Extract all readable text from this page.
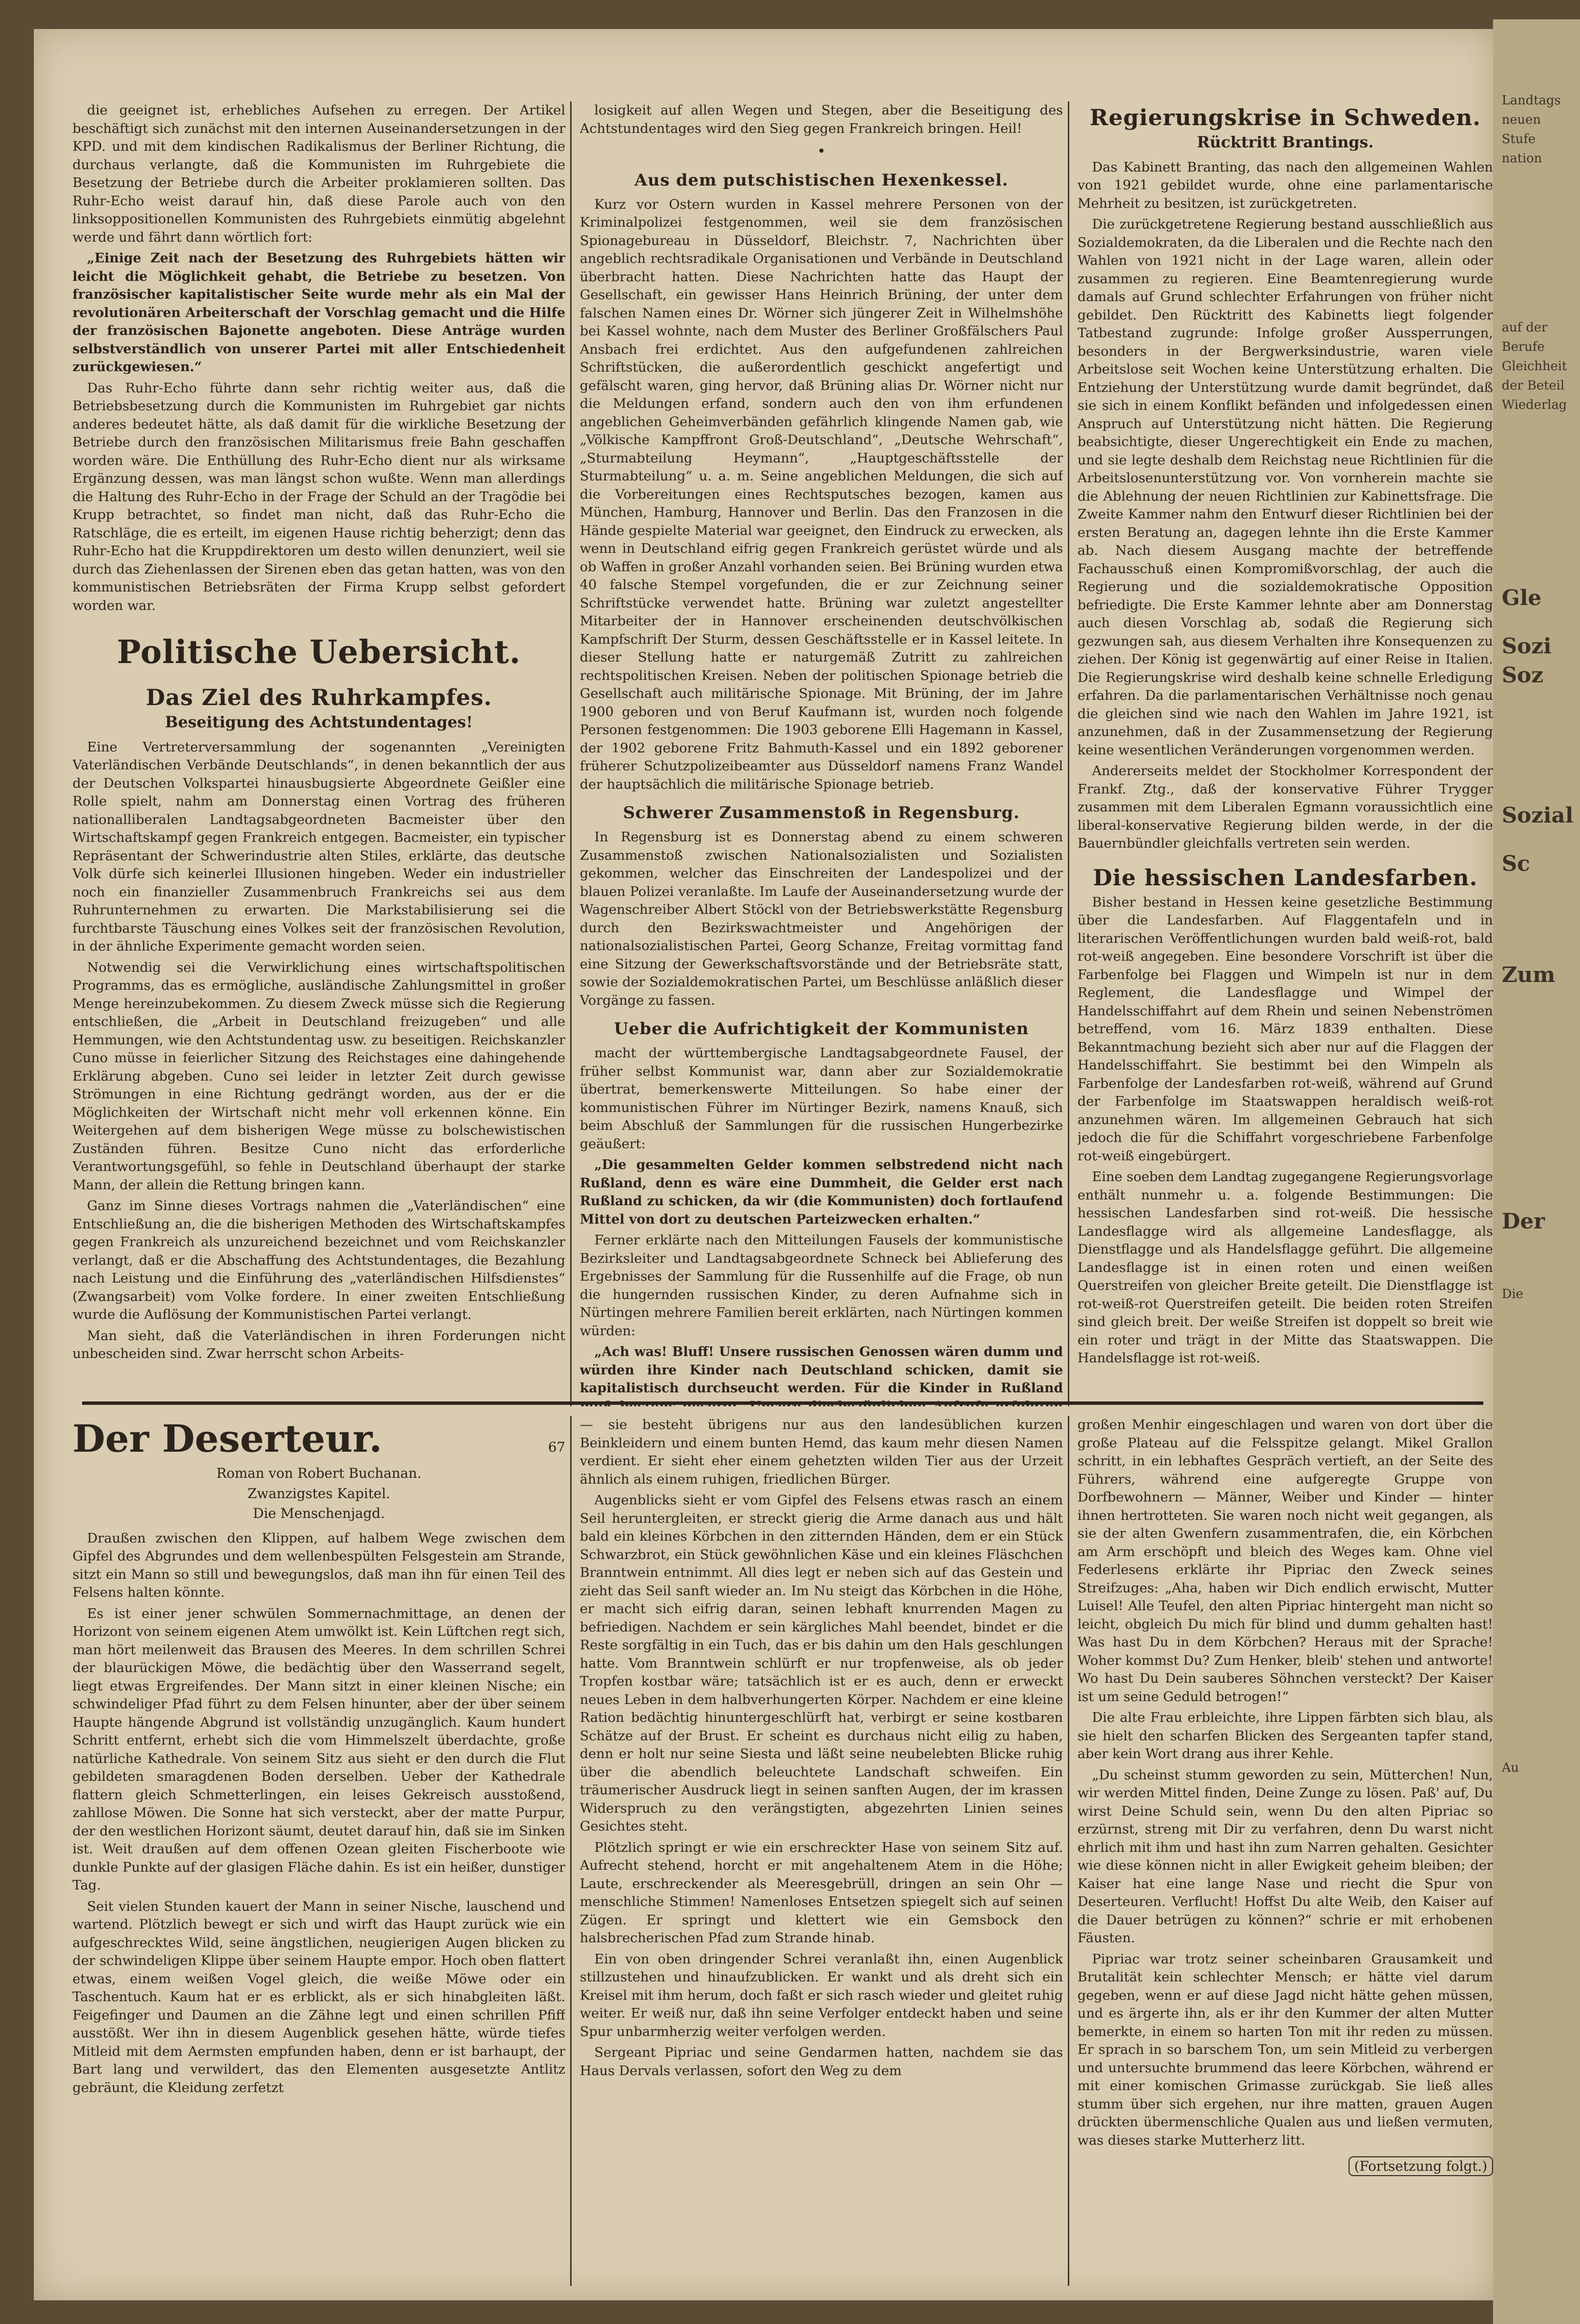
die geeignet ist, erhebliches Aufsehen zu erregen. Der Artikel beschäftigt sich zunächst mit den internen Auseinandersetzungen in der KPD. und mit dem kindischen Radikalismus der Berliner Richtung, die durchaus verlangte, daß die Kommunisten im Ruhrgebiete die Besetzung der Betriebe durch die Arbeiter proklamieren sollten. Das Ruhr-Echo weist darauf hin, daß diese Parole auch von den linksoppositionellen Kommunisten des Ruhrgebiets einmütig abgelehnt werde und fährt dann wörtlich fort:

„Einige Zeit nach der Besetzung des Ruhrgebiets hätten wir leicht die Möglichkeit gehabt, die Betriebe zu besetzen. Von französischer kapitalistischer Seite wurde mehr als ein Mal der revolutionären Arbeiterschaft der Vorschlag gemacht und die Hilfe der französischen Bajonette angeboten. Diese Anträge wurden selbstverständlich von unserer Partei mit aller Entschiedenheit zurückgewiesen.“

Das Ruhr-Echo führte dann sehr richtig weiter aus, daß die Betriebsbesetzung durch die Kommunisten im Ruhrgebiet gar nichts anderes bedeutet hätte, als daß damit für die wirkliche Besetzung der Betriebe durch den französischen Militarismus freie Bahn geschaffen worden wäre. Die Enthüllung des Ruhr-Echo dient nur als wirksame Ergänzung dessen, was man längst schon wußte. Wenn man allerdings die Haltung des Ruhr-Echo in der Frage der Schuld an der Tragödie bei Krupp betrachtet, so findet man nicht, daß das Ruhr-Echo die Ratschläge, die es erteilt, im eigenen Hause richtig beherzigt; denn das Ruhr-Echo hat die Kruppdirektoren um desto willen denunziert, weil sie durch das Ziehenlassen der Sirenen eben das getan hatten, was von den kommunistischen Betriebsräten der Firma Krupp selbst gefordert worden war.

Politische Uebersicht.
Das Ziel des Ruhrkampfes.
Beseitigung des Achtstundentages!

Eine Vertreterversammlung der sogenannten „Vereinigten Vaterländischen Verbände Deutschlands“, in denen bekanntlich der aus der Deutschen Volkspartei hinausbugsierte Abgeordnete Geißler eine Rolle spielt, nahm am Donnerstag einen Vortrag des früheren nationalliberalen Landtagsabgeordneten Bacmeister über den Wirtschaftskampf gegen Frankreich entgegen. Bacmeister, ein typischer Repräsentant der Schwerindustrie alten Stiles, erklärte, das deutsche Volk dürfe sich keinerlei Illusionen hingeben. Weder ein industrieller noch ein finanzieller Zusammenbruch Frankreichs sei aus dem Ruhrunternehmen zu erwarten. Die Markstabilisierung sei die furchtbarste Täuschung eines Volkes seit der französischen Revolution, in der ähnliche Experimente gemacht worden seien.

Notwendig sei die Verwirklichung eines wirtschaftspolitischen Programms, das es ermögliche, ausländische Zahlungsmittel in großer Menge hereinzubekommen. Zu diesem Zweck müsse sich die Regierung entschließen, die „Arbeit in Deutschland freizugeben“ und alle Hemmungen, wie den Achtstundentag usw. zu beseitigen. Reichskanzler Cuno müsse in feierlicher Sitzung des Reichstages eine dahingehende Erklärung abgeben. Cuno sei leider in letzter Zeit durch gewisse Strömungen in eine Richtung gedrängt worden, aus der er die Möglichkeiten der Wirtschaft nicht mehr voll erkennen könne. Ein Weitergehen auf dem bisherigen Wege müsse zu bolschewistischen Zuständen führen. Besitze Cuno nicht das erforderliche Verantwortungsgefühl, so fehle in Deutschland überhaupt der starke Mann, der allein die Rettung bringen kann.

Ganz im Sinne dieses Vortrags nahmen die „Vaterländischen“ eine Entschließung an, die die bisherigen Methoden des Wirtschaftskampfes gegen Frankreich als unzureichend bezeichnet und vom Reichskanzler verlangt, daß er die Abschaffung des Achtstundentages, die Bezahlung nach Leistung und die Einführung des „vaterländischen Hilfsdienstes“ (Zwangsarbeit) vom Volke fordere. In einer zweiten Entschließung wurde die Auflösung der Kommunistischen Partei verlangt.

Man sieht, daß die Vaterländischen in ihren Forderungen nicht unbescheiden sind. Zwar herrscht schon Arbeits-

losigkeit auf allen Wegen und Stegen, aber die Beseitigung des Achtstundentages wird den Sieg gegen Frankreich bringen. Heil!

•
Aus dem putschistischen Hexenkessel.

Kurz vor Ostern wurden in Kassel mehrere Personen von der Kriminalpolizei festgenommen, weil sie dem französischen Spionagebureau in Düsseldorf, Bleichstr. 7, Nachrichten über angeblich rechtsradikale Organisationen und Verbände in Deutschland überbracht hatten. Diese Nachrichten hatte das Haupt der Gesellschaft, ein gewisser Hans Heinrich Brüning, der unter dem falschen Namen eines Dr. Wörner sich jüngerer Zeit in Wilhelmshöhe bei Kassel wohnte, nach dem Muster des Berliner Großfälschers Paul Ansbach frei erdichtet. Aus den aufgefundenen zahlreichen Schriftstücken, die außerordentlich geschickt angefertigt und gefälscht waren, ging hervor, daß Brüning alias Dr. Wörner nicht nur die Meldungen erfand, sondern auch den von ihm erfundenen angeblichen Geheimverbänden gefährlich klingende Namen gab, wie „Völkische Kampffront Groß-Deutschland“, „Deutsche Wehrschaft“, „Sturmabteilung Heymann“, „Hauptgeschäftsstelle der Sturmabteilung“ u. a. m. Seine angeblichen Meldungen, die sich auf die Vorbereitungen eines Rechtsputsches bezogen, kamen aus München, Hamburg, Hannover und Berlin. Das den Franzosen in die Hände gespielte Material war geeignet, den Eindruck zu erwecken, als wenn in Deutschland eifrig gegen Frankreich gerüstet würde und als ob Waffen in großer Anzahl vorhanden seien. Bei Brüning wurden etwa 40 falsche Stempel vorgefunden, die er zur Zeichnung seiner Schriftstücke verwendet hatte. Brüning war zuletzt angestellter Mitarbeiter der in Hannover erscheinenden deutschvölkischen Kampfschrift Der Sturm, dessen Geschäftsstelle er in Kassel leitete. In dieser Stellung hatte er naturgemäß Zutritt zu zahlreichen rechtspolitischen Kreisen. Neben der politischen Spionage betrieb die Gesellschaft auch militärische Spionage. Mit Brüning, der im Jahre 1900 geboren und von Beruf Kaufmann ist, wurden noch folgende Personen festgenommen: Die 1903 geborene Elli Hagemann in Kassel, der 1902 geborene Fritz Bahmuth-Kassel und ein 1892 geborener früherer Schutzpolizeibeamter aus Düsseldorf namens Franz Wandel der hauptsächlich die militärische Spionage betrieb.

Schwerer Zusammenstoß in Regensburg.

In Regensburg ist es Donnerstag abend zu einem schweren Zusammenstoß zwischen Nationalsozialisten und Sozialisten gekommen, welcher das Einschreiten der Landespolizei und der blauen Polizei veranlaßte. Im Laufe der Auseinandersetzung wurde der Wagenschreiber Albert Stöckl von der Betriebswerkstätte Regensburg durch den Bezirkswachtmeister und Angehörigen der nationalsozialistischen Partei, Georg Schanze, Freitag vormittag fand eine Sitzung der Gewerkschaftsvorstände und der Betriebsräte statt, sowie der Sozialdemokratischen Partei, um Beschlüsse anläßlich dieser Vorgänge zu fassen.

Ueber die Aufrichtigkeit der Kommunisten

macht der württembergische Landtagsabgeordnete Fausel, der früher selbst Kommunist war, dann aber zur Sozialdemokratie übertrat, bemerkenswerte Mitteilungen. So habe einer der kommunistischen Führer im Nürtinger Bezirk, namens Knauß, sich beim Abschluß der Sammlungen für die russischen Hungerbezirke geäußert:

„Die gesammelten Gelder kommen selbstredend nicht nach Rußland, denn es wäre eine Dummheit, die Gelder erst nach Rußland zu schicken, da wir (die Kommunisten) doch fortlaufend Mittel von dort zu deutschen Parteizwecken erhalten.“

Ferner erklärte nach den Mitteilungen Fausels der kommunistische Bezirksleiter und Landtagsabgeordnete Schneck bei Ablieferung des Ergebnisses der Sammlung für die Russenhilfe auf die Frage, ob nun die hungernden russischen Kinder, zu deren Aufnahme sich in Nürtingen mehrere Familien bereit erklärten, nach Nürtingen kommen würden:

„Ach was! Bluff! Unsere russischen Genossen wären dumm und würden ihre Kinder nach Deutschland schicken, damit sie kapitalistisch durchseucht werden. Für die Kinder in Rußland

Regierungskrise in Schweden.
Rücktritt Brantings.

Das Kabinett Branting, das nach den allgemeinen Wahlen von 1921 gebildet wurde, ohne eine parlamentarische Mehrheit zu besitzen, ist zurückgetreten.

Die zurückgetretene Regierung bestand ausschließlich aus Sozialdemokraten, da die Liberalen und die Rechte nach den Wahlen von 1921 nicht in der Lage waren, allein oder zusammen zu regieren. Eine Beamtenregierung wurde damals auf Grund schlechter Erfahrungen von früher nicht gebildet. Den Rücktritt des Kabinetts liegt folgender Tatbestand zugrunde: Infolge großer Aussperrungen, besonders in der Bergwerksindustrie, waren viele Arbeitslose seit Wochen keine Unterstützung erhalten. Die Entziehung der Unterstützung wurde damit begründet, daß sie sich in einem Konflikt befänden und infolgedessen einen Anspruch auf Unterstützung nicht hätten. Die Regierung beabsichtigte, dieser Ungerechtigkeit ein Ende zu machen, und sie legte deshalb dem Reichstag neue Richtlinien für die Arbeitslosenunterstützung vor. Von vornherein machte sie die Ablehnung der neuen Richtlinien zur Kabinettsfrage. Die Zweite Kammer nahm den Entwurf dieser Richtlinien bei der ersten Beratung an, dagegen lehnte ihn die Erste Kammer ab. Nach diesem Ausgang machte der betreffende Fachausschuß einen Kompromißvorschlag, der auch die Regierung und die sozialdemokratische Opposition befriedigte. Die Erste Kammer lehnte aber am Donnerstag auch diesen Vorschlag ab, sodaß die Regierung sich gezwungen sah, aus diesem Verhalten ihre Konsequenzen zu ziehen. Der König ist gegenwärtig auf einer Reise in Italien. Die Regierungskrise wird deshalb keine schnelle Erledigung erfahren. Da die parlamentarischen Verhältnisse noch genau die gleichen sind wie nach den Wahlen im Jahre 1921, ist anzunehmen, daß in der Zusammensetzung der Regierung keine wesentlichen Veränderungen vorgenommen werden.

Andererseits meldet der Stockholmer Korrespondent der Frankf. Ztg., daß der konservative Führer Trygger zusammen mit dem Liberalen Egmann voraussichtlich eine liberal-konservative Regierung bilden werde, in der die Bauernbündler gleichfalls vertreten sein werden.

Die hessischen Landesfarben.

Bisher bestand in Hessen keine gesetzliche Bestimmung über die Landesfarben. Auf Flaggentafeln und in literarischen Veröffentlichungen wurden bald weiß-rot, bald rot-weiß angegeben. Eine besondere Vorschrift ist über die Farbenfolge bei Flaggen und Wimpeln ist nur in dem Reglement, die Landesflagge und Wimpel der Handelsschiffahrt auf dem Rhein und seinen Nebenströmen betreffend, vom 16. März 1839 enthalten. Diese Bekanntmachung bezieht sich aber nur auf die Flaggen der Handelsschiffahrt. Sie bestimmt bei den Wimpeln als Farbenfolge der Landesfarben rot-weiß, während auf Grund der Farbenfolge im Staatswappen heraldisch weiß-rot anzunehmen wären. Im allgemeinen Gebrauch hat sich jedoch die für die Schiffahrt vorgeschriebene Farbenfolge rot-weiß eingebürgert.

Eine soeben dem Landtag zugegangene Regierungsvorlage enthält nunmehr u. a. folgende Bestimmungen: Die hessischen Landesfarben sind rot-weiß. Die hessische Landesflagge wird als allgemeine Landesflagge, als Dienstflagge und als Handelsflagge geführt. Die allgemeine Landesflagge ist in einen roten und einen weißen Querstreifen von gleicher Breite geteilt. Die Dienstflagge ist rot-weiß-rot Querstreifen geteilt. Die beiden roten Streifen sind gleich breit. Der weiße Streifen ist doppelt so breit wie ein roter und trägt in der Mitte das Staatswappen. Die Handelsflagge ist rot-weiß.

Der Deserteur.	67
Roman von Robert Buchanan.
Zwanzigstes Kapitel.
Die Menschenjagd.

Draußen zwischen den Klippen, auf halbem Wege zwischen dem Gipfel des Abgrundes und dem wellenbespülten Felsgestein am Strande, sitzt ein Mann so still und bewegungslos, daß man ihn für einen Teil des Felsens halten könnte.

Es ist einer jener schwülen Sommernachmittage, an denen der Horizont von seinem eigenen Atem umwölkt ist. Kein Lüftchen regt sich, man hört meilenweit das Brausen des Meeres. In dem schrillen Schrei der blaurückigen Möwe, die bedächtig über den Wasserrand segelt, liegt etwas Ergreifendes. Der Mann sitzt in einer kleinen Nische; ein schwindeliger Pfad führt zu dem Felsen hinunter, aber der über seinem Haupte hängende Abgrund ist vollständig unzugänglich. Kaum hundert Schritt entfernt, erhebt sich die vom Himmelszelt überdachte, große natürliche Kathedrale. Von seinem Sitz aus sieht er den durch die Flut gebildeten smaragdenen Boden derselben. Ueber der Kathedrale flattern gleich Schmetterlingen, ein leises Gekreisch ausstoßend, zahllose Möwen. Die Sonne hat sich versteckt, aber der matte Purpur, der den westlichen Horizont säumt, deutet darauf hin, daß sie im Sinken ist. Weit draußen auf dem offenen Ozean gleiten Fischerboote wie dunkle Punkte auf der glasigen Fläche dahin. Es ist ein heißer, dunstiger Tag.

Seit vielen Stunden kauert der Mann in seiner Nische, lauschend und wartend. Plötzlich bewegt er sich und wirft das Haupt zurück wie ein aufgeschrecktes Wild, seine ängstlichen, neugierigen Augen blicken zu der schwindeligen Klippe über seinem Haupte empor. Hoch oben flattert etwas, einem weißen Vogel gleich, die weiße Möwe oder ein Taschentuch. Kaum hat er es erblickt, als er sich hinabgleiten läßt. Feigefinger und Daumen an die Zähne legt und einen schrillen Pfiff ausstößt. Wer ihn in diesem Augenblick gesehen hätte, würde tiefes Mitleid mit dem Aermsten empfunden haben, denn er ist barhaupt, der Bart lang und verwildert, das den Elementen ausgesetzte Antlitz gebräunt, die Kleidung zerfetzt

— sie besteht übrigens nur aus den landesüblichen kurzen Beinkleidern und einem bunten Hemd, das kaum mehr diesen Namen verdient. Er sieht eher einem gehetzten wilden Tier aus der Urzeit ähnlich als einem ruhigen, friedlichen Bürger.

Augenblicks sieht er vom Gipfel des Felsens etwas rasch an einem Seil heruntergleiten, er streckt gierig die Arme danach aus und hält bald ein kleines Körbchen in den zitternden Händen, dem er ein Stück Schwarzbrot, ein Stück gewöhnlichen Käse und ein kleines Fläschchen Branntwein entnimmt. All dies legt er neben sich auf das Gestein und zieht das Seil sanft wieder an. Im Nu steigt das Körbchen in die Höhe, er macht sich eifrig daran, seinen lebhaft knurrenden Magen zu befriedigen. Nachdem er sein kärgliches Mahl beendet, bindet er die Reste sorgfältig in ein Tuch, das er bis dahin um den Hals geschlungen hatte. Vom Branntwein schlürft er nur tropfenweise, als ob jeder Tropfen kostbar wäre; tatsächlich ist er es auch, denn er erweckt neues Leben in dem halbverhungerten Körper. Nachdem er eine kleine Ration bedächtig hinuntergeschlürft hat, verbirgt er seine kostbaren Schätze auf der Brust. Er scheint es durchaus nicht eilig zu haben, denn er holt nur seine Siesta und läßt seine neubelebten Blicke ruhig über die abendlich beleuchtete Landschaft schweifen. Ein träumerischer Ausdruck liegt in seinen sanften Augen, der im krassen Widerspruch zu den verängstigten, abgezehrten Linien seines Gesichtes steht.

Plötzlich springt er wie ein erschreckter Hase von seinem Sitz auf. Aufrecht stehend, horcht er mit angehaltenem Atem in die Höhe; Laute, erschreckender als Meeresgebrüll, dringen an sein Ohr — menschliche Stimmen! Namenloses Entsetzen spiegelt sich auf seinen Zügen. Er springt und klettert wie ein Gemsbock den halsbrecherischen Pfad zum Strande hinab.

Ein von oben dringender Schrei veranlaßt ihn, einen Augenblick stillzustehen und hinaufzublicken. Er wankt und als dreht sich ein Kreisel mit ihm herum, doch faßt er sich rasch wieder und gleitet ruhig weiter. Er weiß nur, daß ihn seine Verfolger entdeckt haben und seine Spur unbarmherzig weiter verfolgen werden.

Sergeant Pipriac und seine Gendarmen hatten, nachdem sie das Haus Dervals verlassen, sofort den Weg zu dem

großen Menhir eingeschlagen und waren von dort über die große Plateau auf die Felsspitze gelangt. Mikel Grallon schritt, in ein lebhaftes Gespräch vertieft, an der Seite des Führers, während eine aufgeregte Gruppe von Dorfbewohnern — Männer, Weiber und Kinder — hinter ihnen hertrotteten. Sie waren noch nicht weit gegangen, als sie der alten Gwenfern zusammentrafen, die, ein Körbchen am Arm erschöpft und bleich des Weges kam. Ohne viel Federlesens erklärte ihr Pipriac den Zweck seines Streifzuges: „Aha, haben wir Dich endlich erwischt, Mutter Luisel! Alle Teufel, den alten Pipriac hintergeht man nicht so leicht, obgleich Du mich für blind und dumm gehalten hast! Was hast Du in dem Körbchen? Heraus mit der Sprache! Woher kommst Du? Zum Henker, bleib' stehen und antworte! Wo hast Du Dein sauberes Söhnchen versteckt? Der Kaiser ist um seine Geduld betrogen!“

Die alte Frau erbleichte, ihre Lippen färbten sich blau, als sie hielt den scharfen Blicken des Sergeanten tapfer stand, aber kein Wort drang aus ihrer Kehle.

„Du scheinst stumm geworden zu sein, Mütterchen! Nun, wir werden Mittel finden, Deine Zunge zu lösen. Paß' auf, Du wirst Deine Schuld sein, wenn Du den alten Pipriac so erzürnst, streng mit Dir zu verfahren, denn Du warst nicht ehrlich mit ihm und hast ihn zum Narren gehalten. Gesichter wie diese können nicht in aller Ewigkeit geheim bleiben; der Kaiser hat eine lange Nase und riecht die Spur von Deserteuren. Verflucht! Hoffst Du alte Weib, den Kaiser auf die Dauer betrügen zu können?“ schrie er mit erhobenen Fäusten.

Pipriac war trotz seiner scheinbaren Grausamkeit und Brutalität kein schlechter Mensch; er hätte viel darum gegeben, wenn er auf diese Jagd nicht hätte gehen müssen, und es ärgerte ihn, als er ihr den Kummer der alten Mutter bemerkte, in einem so harten Ton mit ihr reden zu müssen. Er sprach in so barschem Ton, um sein Mitleid zu verbergen und untersuchte brummend das leere Körbchen, während er mit einer komischen Grimasse zurückgab. Sie ließ alles stumm über sich ergehen, nur ihre matten, grauen Augen drückten übermenschliche Qualen aus und ließen vermuten, was dieses starke Mutterherz litt.

(Fortsetzung folgt.)
Landtags
neuen
Stufe
nation
auf der
Berufe
Gleichheit
der Beteil
Wiederlag
Gle
Sozi
Soz
Sozial
Sc
Zum
Der
Die
Au
